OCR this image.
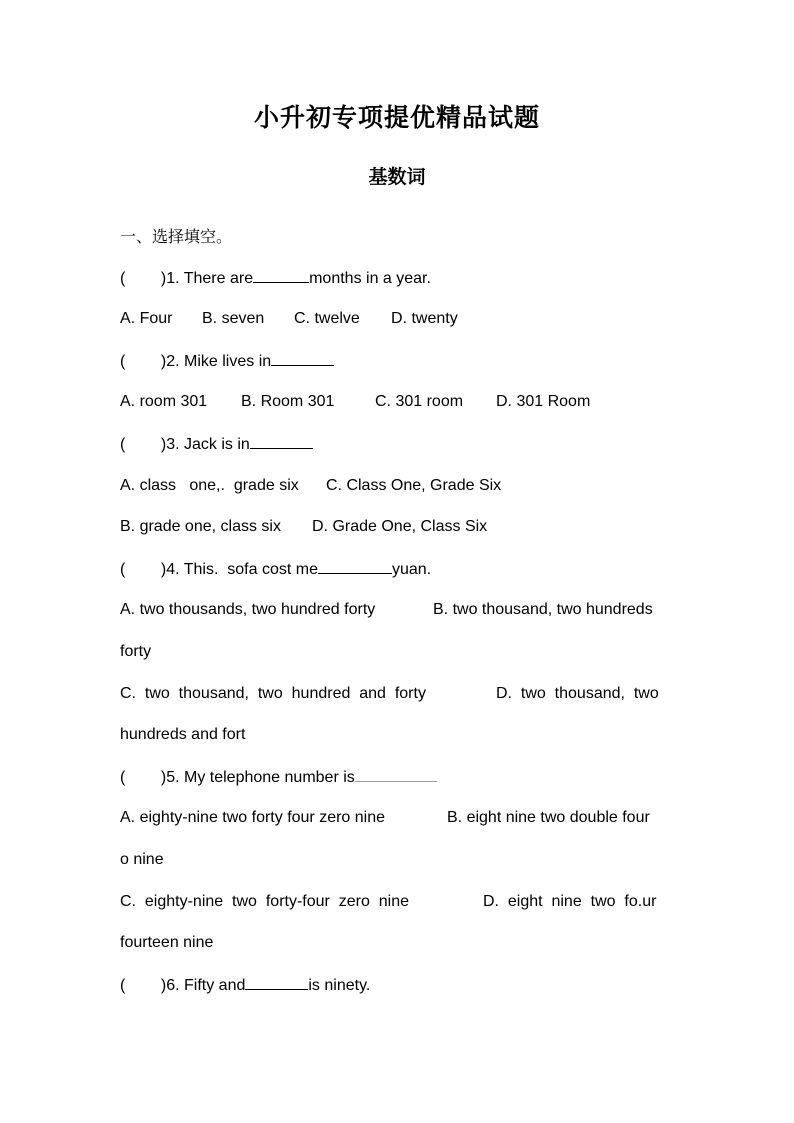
小升初专项提优精品试题
基数词
一、选择填空。
(        )1. There are	months in a year.
A. Four B. seven C. twelve D. twenty
(        )2. Mike lives in
A. room 301 B. Room 301	C. 301 room D. 301 Room
(        )3. Jack is in
A. class   one,.  grade six C. Class One, Grade Six
B. grade one, class six D. Grade One, Class Six
(        )4. This.  sofa cost me	yuan.
A. two thousands, two hundred forty	B. two thousand, two hundreds
forty
C.  two  thousand,  two  hundred  and  forty	D.  two  thousand,  two
hundreds and fort
(        )5. My telephone number is
A. eighty-nine two forty four zero nine	B. eight nine two double four
o nine
C.  eighty-nine  two  forty-four  zero  nine	D.  eight  nine  two  fo.ur
fourteen nine
(        )6. Fifty and	is ninety.
